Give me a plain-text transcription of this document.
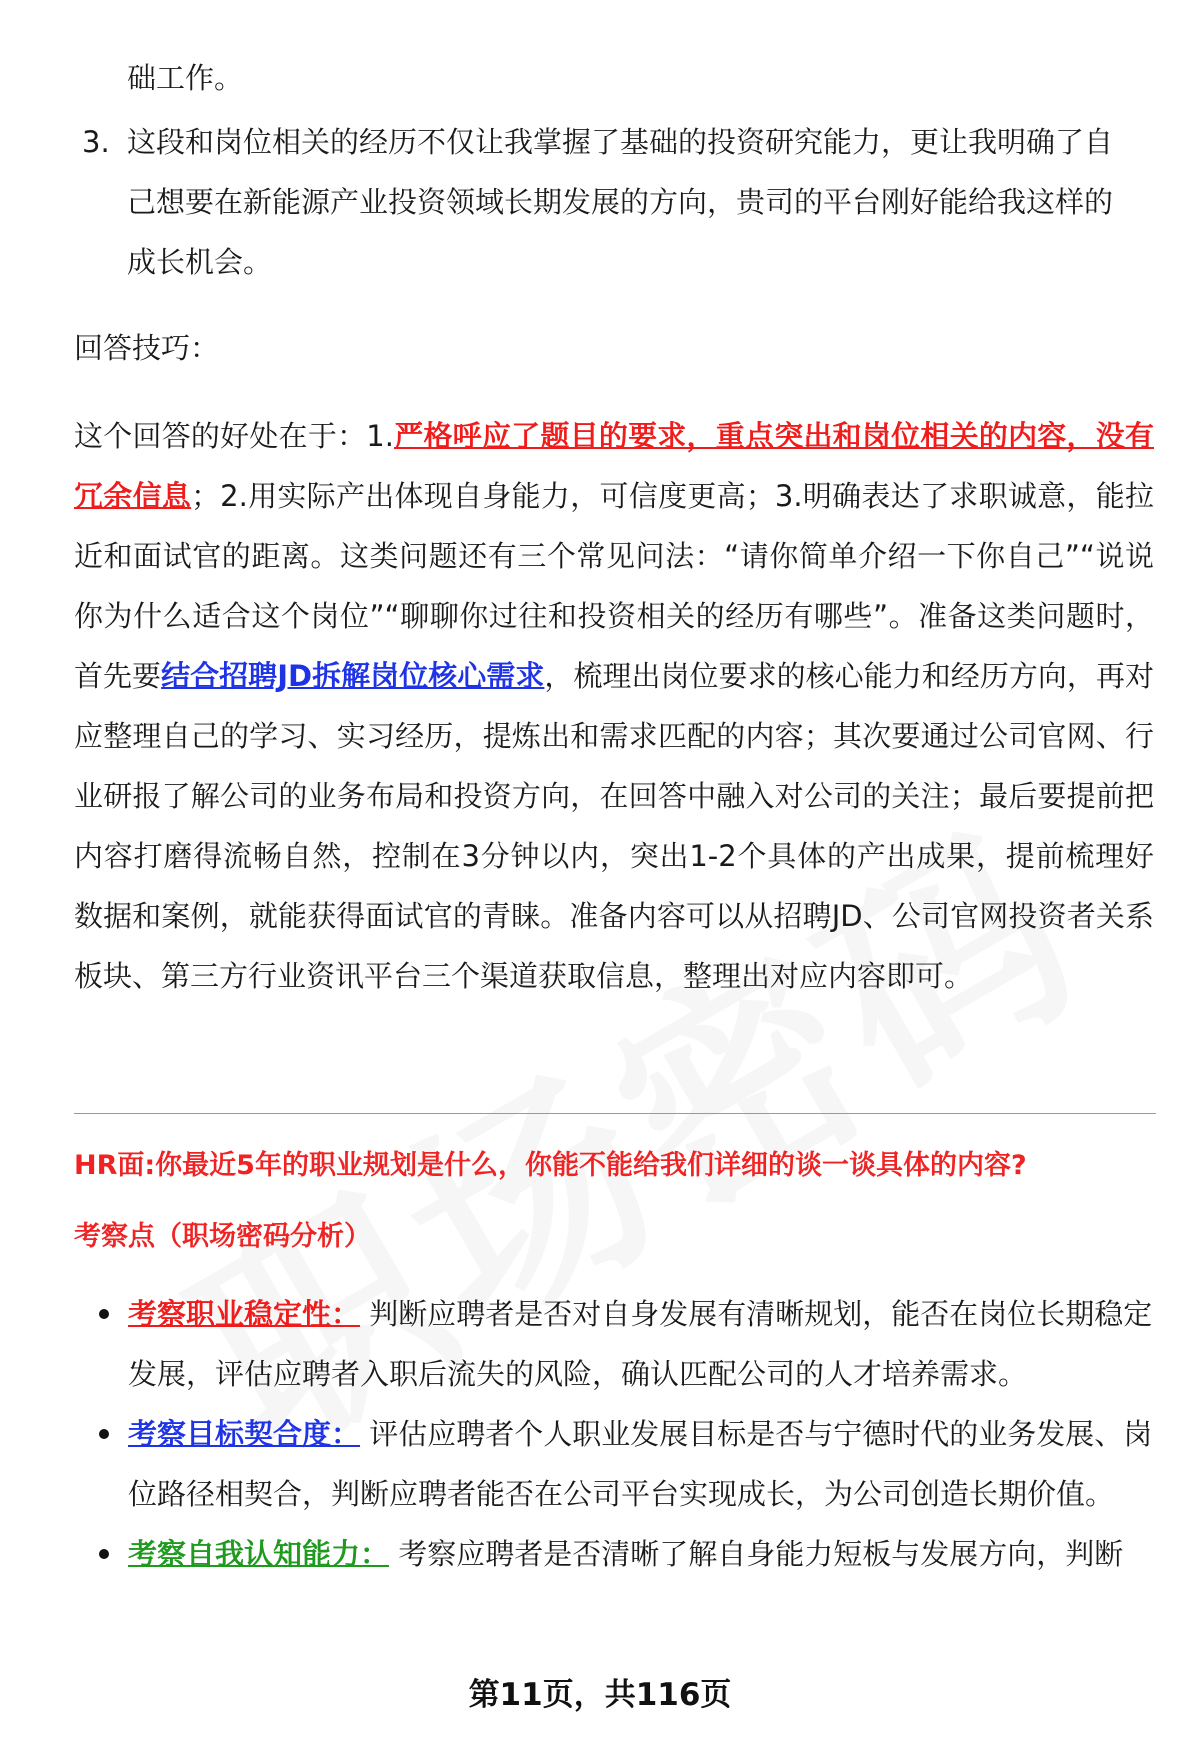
础工作。

3. 这段和岗位相关的经历不仅让我掌握了基础的投资研究能力，更让我明确了自己想要在新能源产业投资领域长期发展的方向，贵司的平台刚好能给我这样的成长机会。

回答技巧：

这个回答的好处在于：1.严格呼应了题目的要求，重点突出和岗位相关的内容，没有冗余信息；2.用实际产出体现自身能力，可信度更高；3.明确表达了求职诚意，能拉近和面试官的距离。这类问题还有三个常见问法：“请你简单介绍一下你自己”“说说你为什么适合这个岗位”“聊聊你过往和投资相关的经历有哪些”。准备这类问题时，首先要结合招聘JD拆解岗位核心需求，梳理出岗位要求的核心能力和经历方向，再对应整理自己的学习、实习经历，提炼出和需求匹配的内容；其次要通过公司官网、行业研报了解公司的业务布局和投资方向，在回答中融入对公司的关注；最后要提前把内容打磨得流畅自然，控制在3分钟以内，突出1-2个具体的产出成果，提前梳理好数据和案例，就能获得面试官的青睐。准备内容可以从招聘JD、公司官网投资者关系板块、第三方行业资讯平台三个渠道获取信息，整理出对应内容即可。

HR面:你最近5年的职业规划是什么，你能不能给我们详细的谈一谈具体的内容?
考察点（职场密码分析）
考察职业稳定性： 判断应聘者是否对自身发展有清晰规划，能否在岗位长期稳定发展，评估应聘者入职后流失的风险，确认匹配公司的人才培养需求。
考察目标契合度： 评估应聘者个人职业发展目标是否与宁德时代的业务发展、岗位路径相契合，判断应聘者能否在公司平台实现成长，为公司创造长期价值。
考察自我认知能力： 考察应聘者是否清晰了解自身能力短板与发展方向，判断
第11页，共116页
